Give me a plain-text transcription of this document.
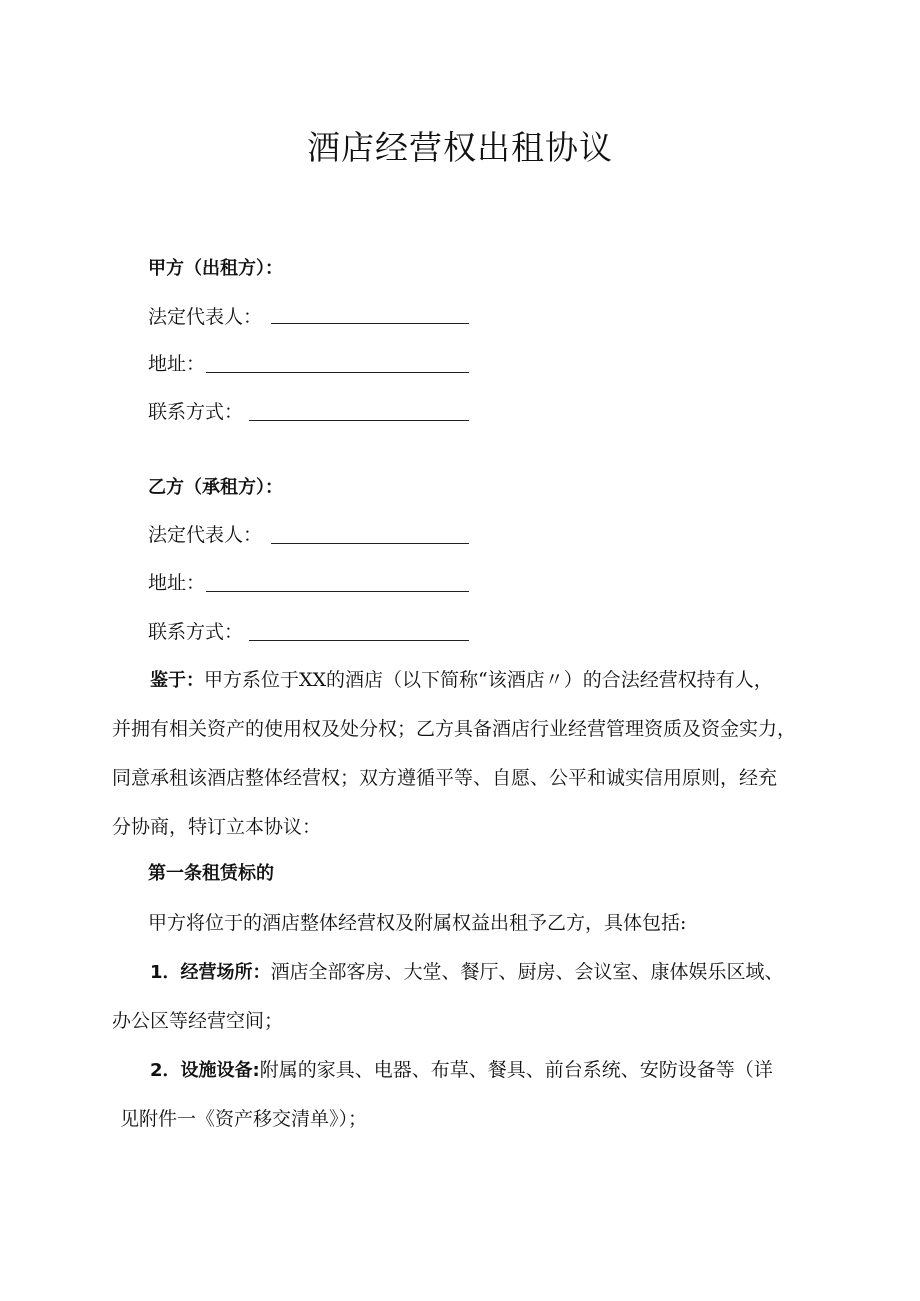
酒店经营权出租协议
甲方（出租方）：
法定代表人：
地址：
联系方式：
乙方（承租方）：
法定代表人：
地址：
联系方式：
鉴于：甲方系位于XX的酒店（以下简称“该酒店〃）的合法经营权持有人，
并拥有相关资产的使用权及处分权；乙方具备酒店行业经营管理资质及资金实力，
同意承租该酒店整体经营权；双方遵循平等、自愿、公平和诚实信用原则，经充
分协商，特订立本协议：
第一条租赁标的
甲方将位于的酒店整体经营权及附属权益出租予乙方，具体包括:
1．经营场所：酒店全部客房、大堂、餐厅、厨房、会议室、康体娱乐区域、
办公区等经营空间；
2．设施设备:附属的家具、电器、布草、餐具、前台系统、安防设备等（详
见附件一《资产移交清单》）；
